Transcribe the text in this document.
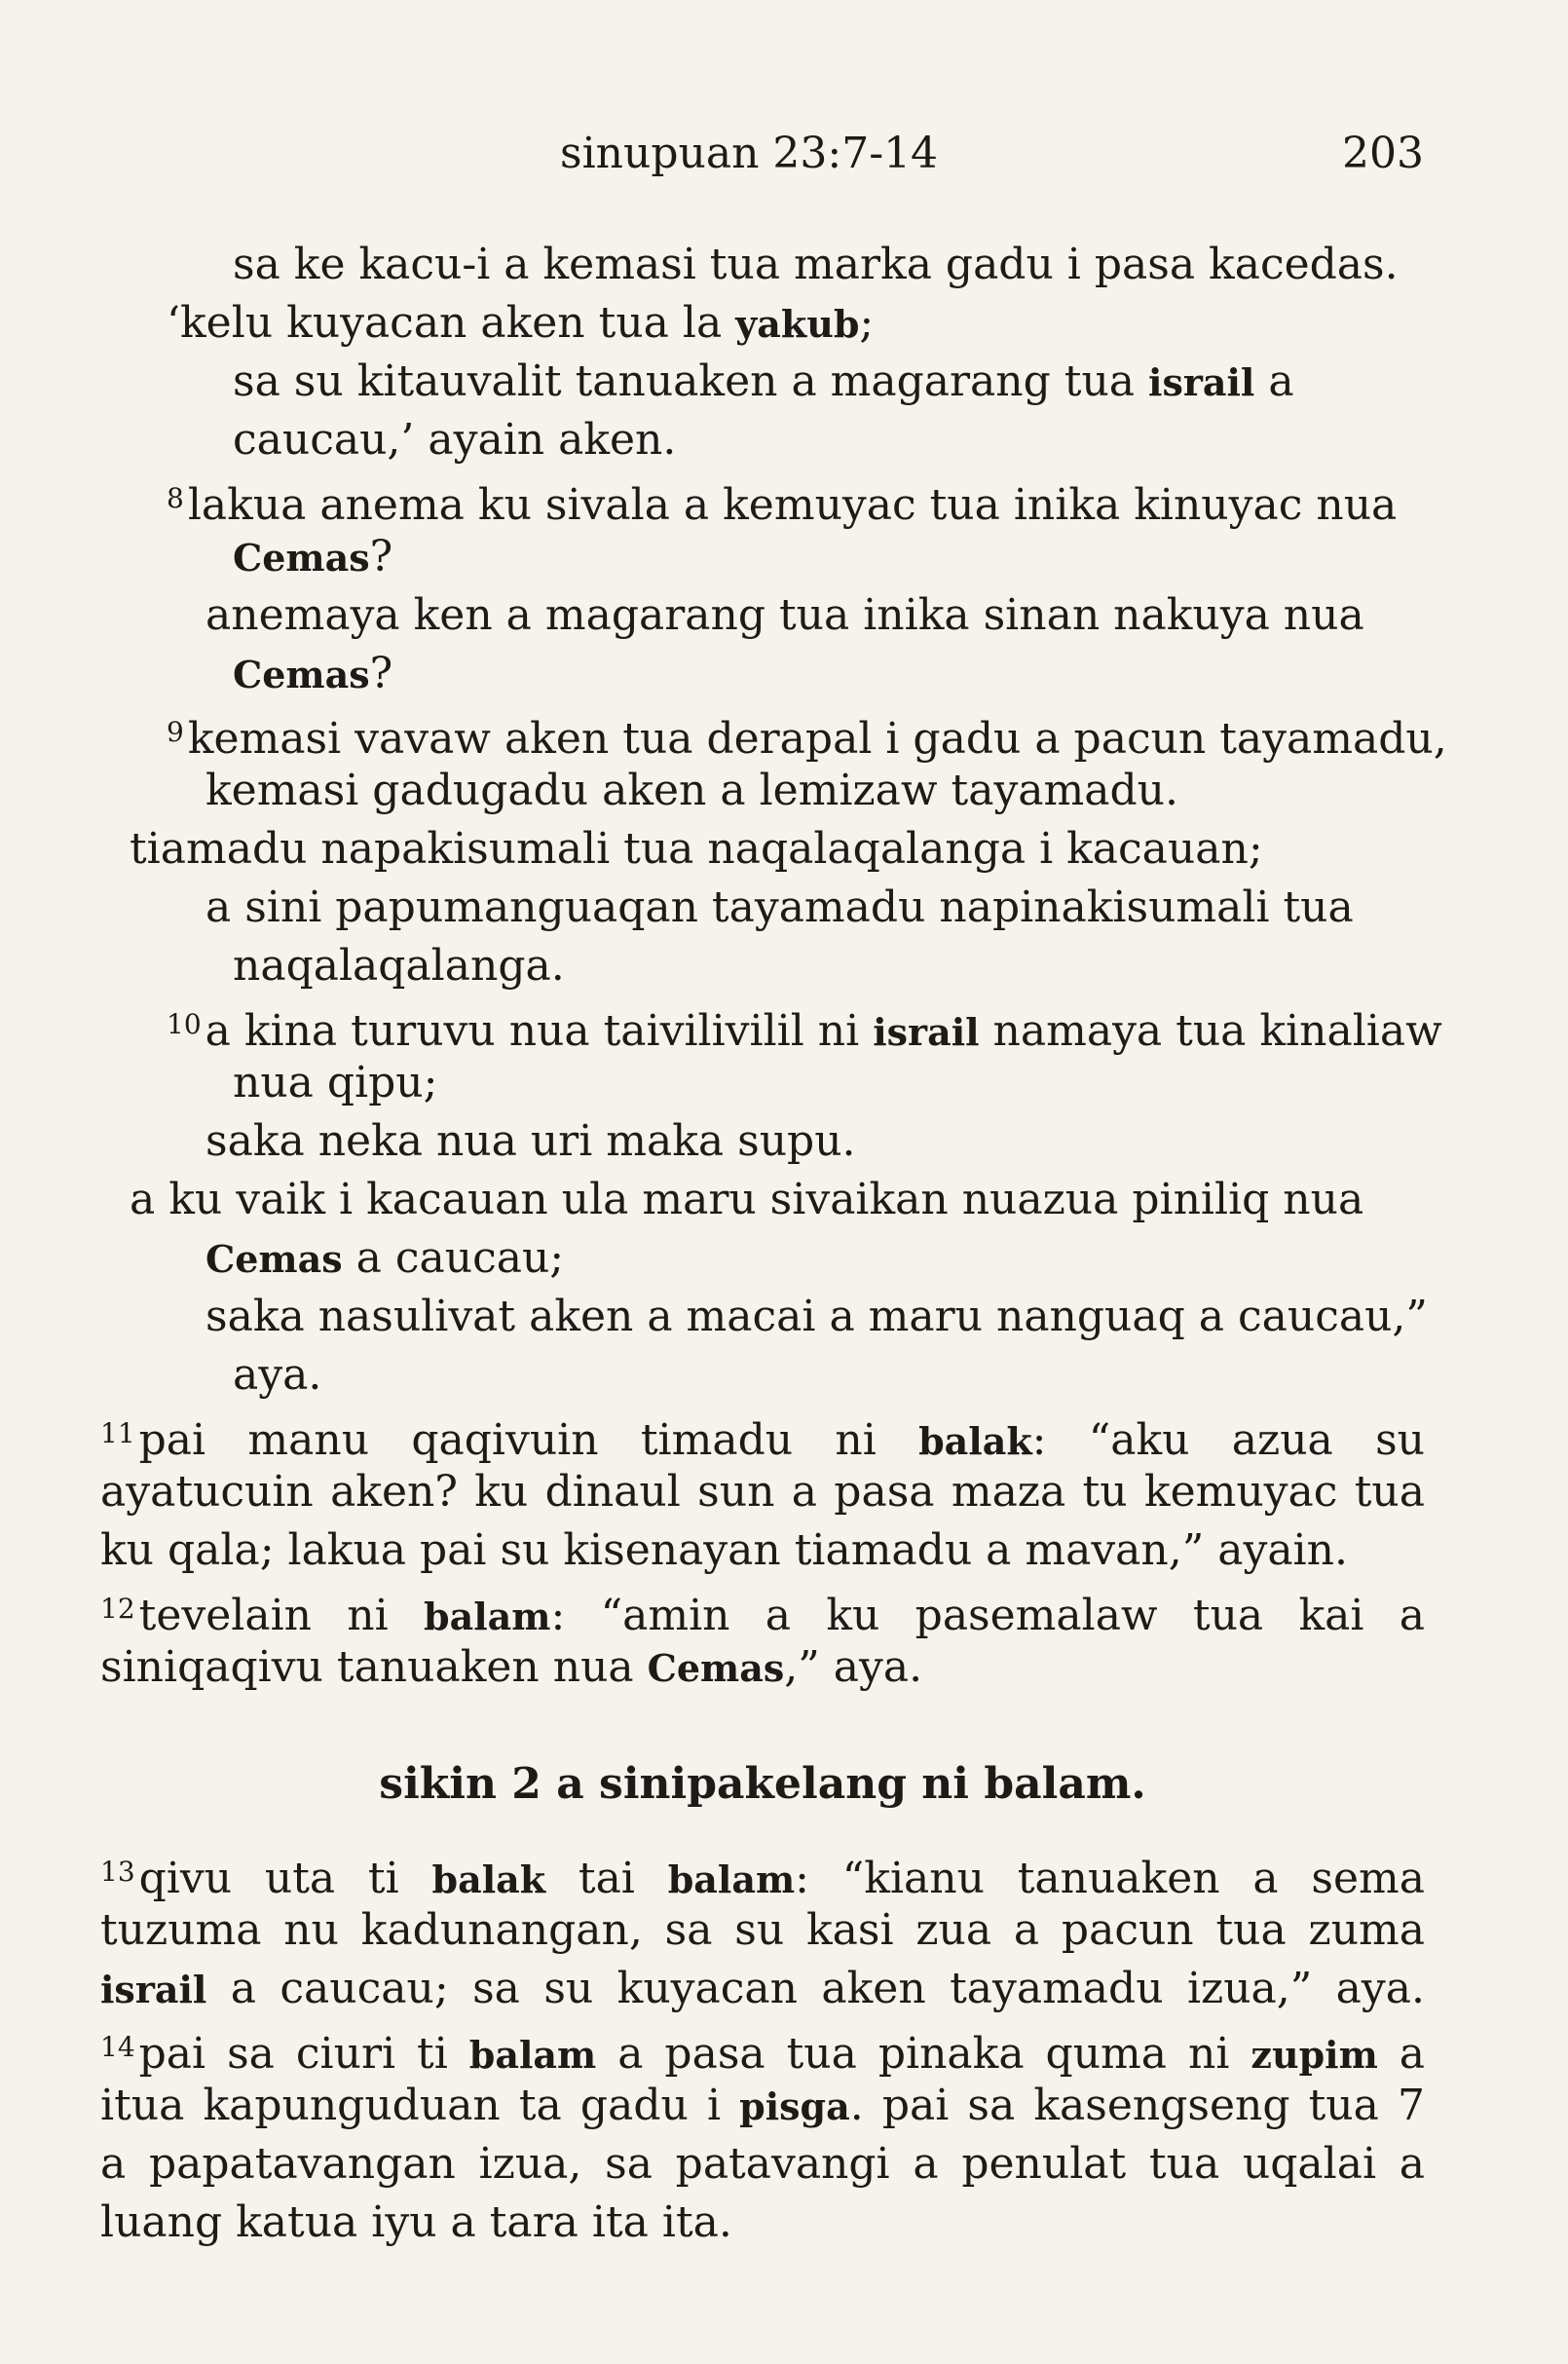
sinupuan 23:7-14	203
sa ke kacu-i a kemasi tua marka gadu i pasa kacedas.
‘kelu kuyacan aken tua la yakub;
sa su kitauvalit tanuaken a magarang tua israil a
caucau,’ ayain aken.
$^8$lakua anema ku sivala a kemuyac tua inika kinuyac nua
Cemas?
anemaya ken a magarang tua inika sinan nakuya nua
Cemas?
$^9$kemasi vavaw aken tua derapal i gadu a pacun tayamadu,
kemasi gadugadu aken a lemizaw tayamadu.
tiamadu napakisumali tua naqalaqalanga i kacauan;
a sini papumanguaqan tayamadu napinakisumali tua
naqalaqalanga.
$^{10}$a kina turuvu nua taivilivilil ni israil namaya tua kinaliaw
nua qipu;
saka neka nua uri maka supu.
a ku vaik i kacauan ula maru sivaikan nuazua piniliq nua
Cemas a caucau;
saka nasulivat aken a macai a maru nanguaq a caucau,”
aya.
$^{11}$pai manu qaqivuin timadu ni balak: “aku azua su
ayatucuin aken? ku dinaul sun a pasa maza tu kemuyac tua
ku qala; lakua pai su kisenayan tiamadu a mavan,” ayain.
$^{12}$tevelain ni balam: “amin a ku pasemalaw tua kai a
siniqaqivu tanuaken nua Cemas,” aya.
sikin 2 a sinipakelang ni balam.
$^{13}$qivu uta ti balak tai balam: “kianu tanuaken a sema
tuzuma nu kadunangan, sa su kasi zua a pacun tua zuma
israil a caucau; sa su kuyacan aken tayamadu izua,” aya.
$^{14}$pai sa ciuri ti balam a pasa tua pinaka quma ni zupim a
itua kapunguduan ta gadu i pisga. pai sa kasengseng tua 7
a papatavangan izua, sa patavangi a penulat tua uqalai a
luang katua iyu a tara ita ita.
